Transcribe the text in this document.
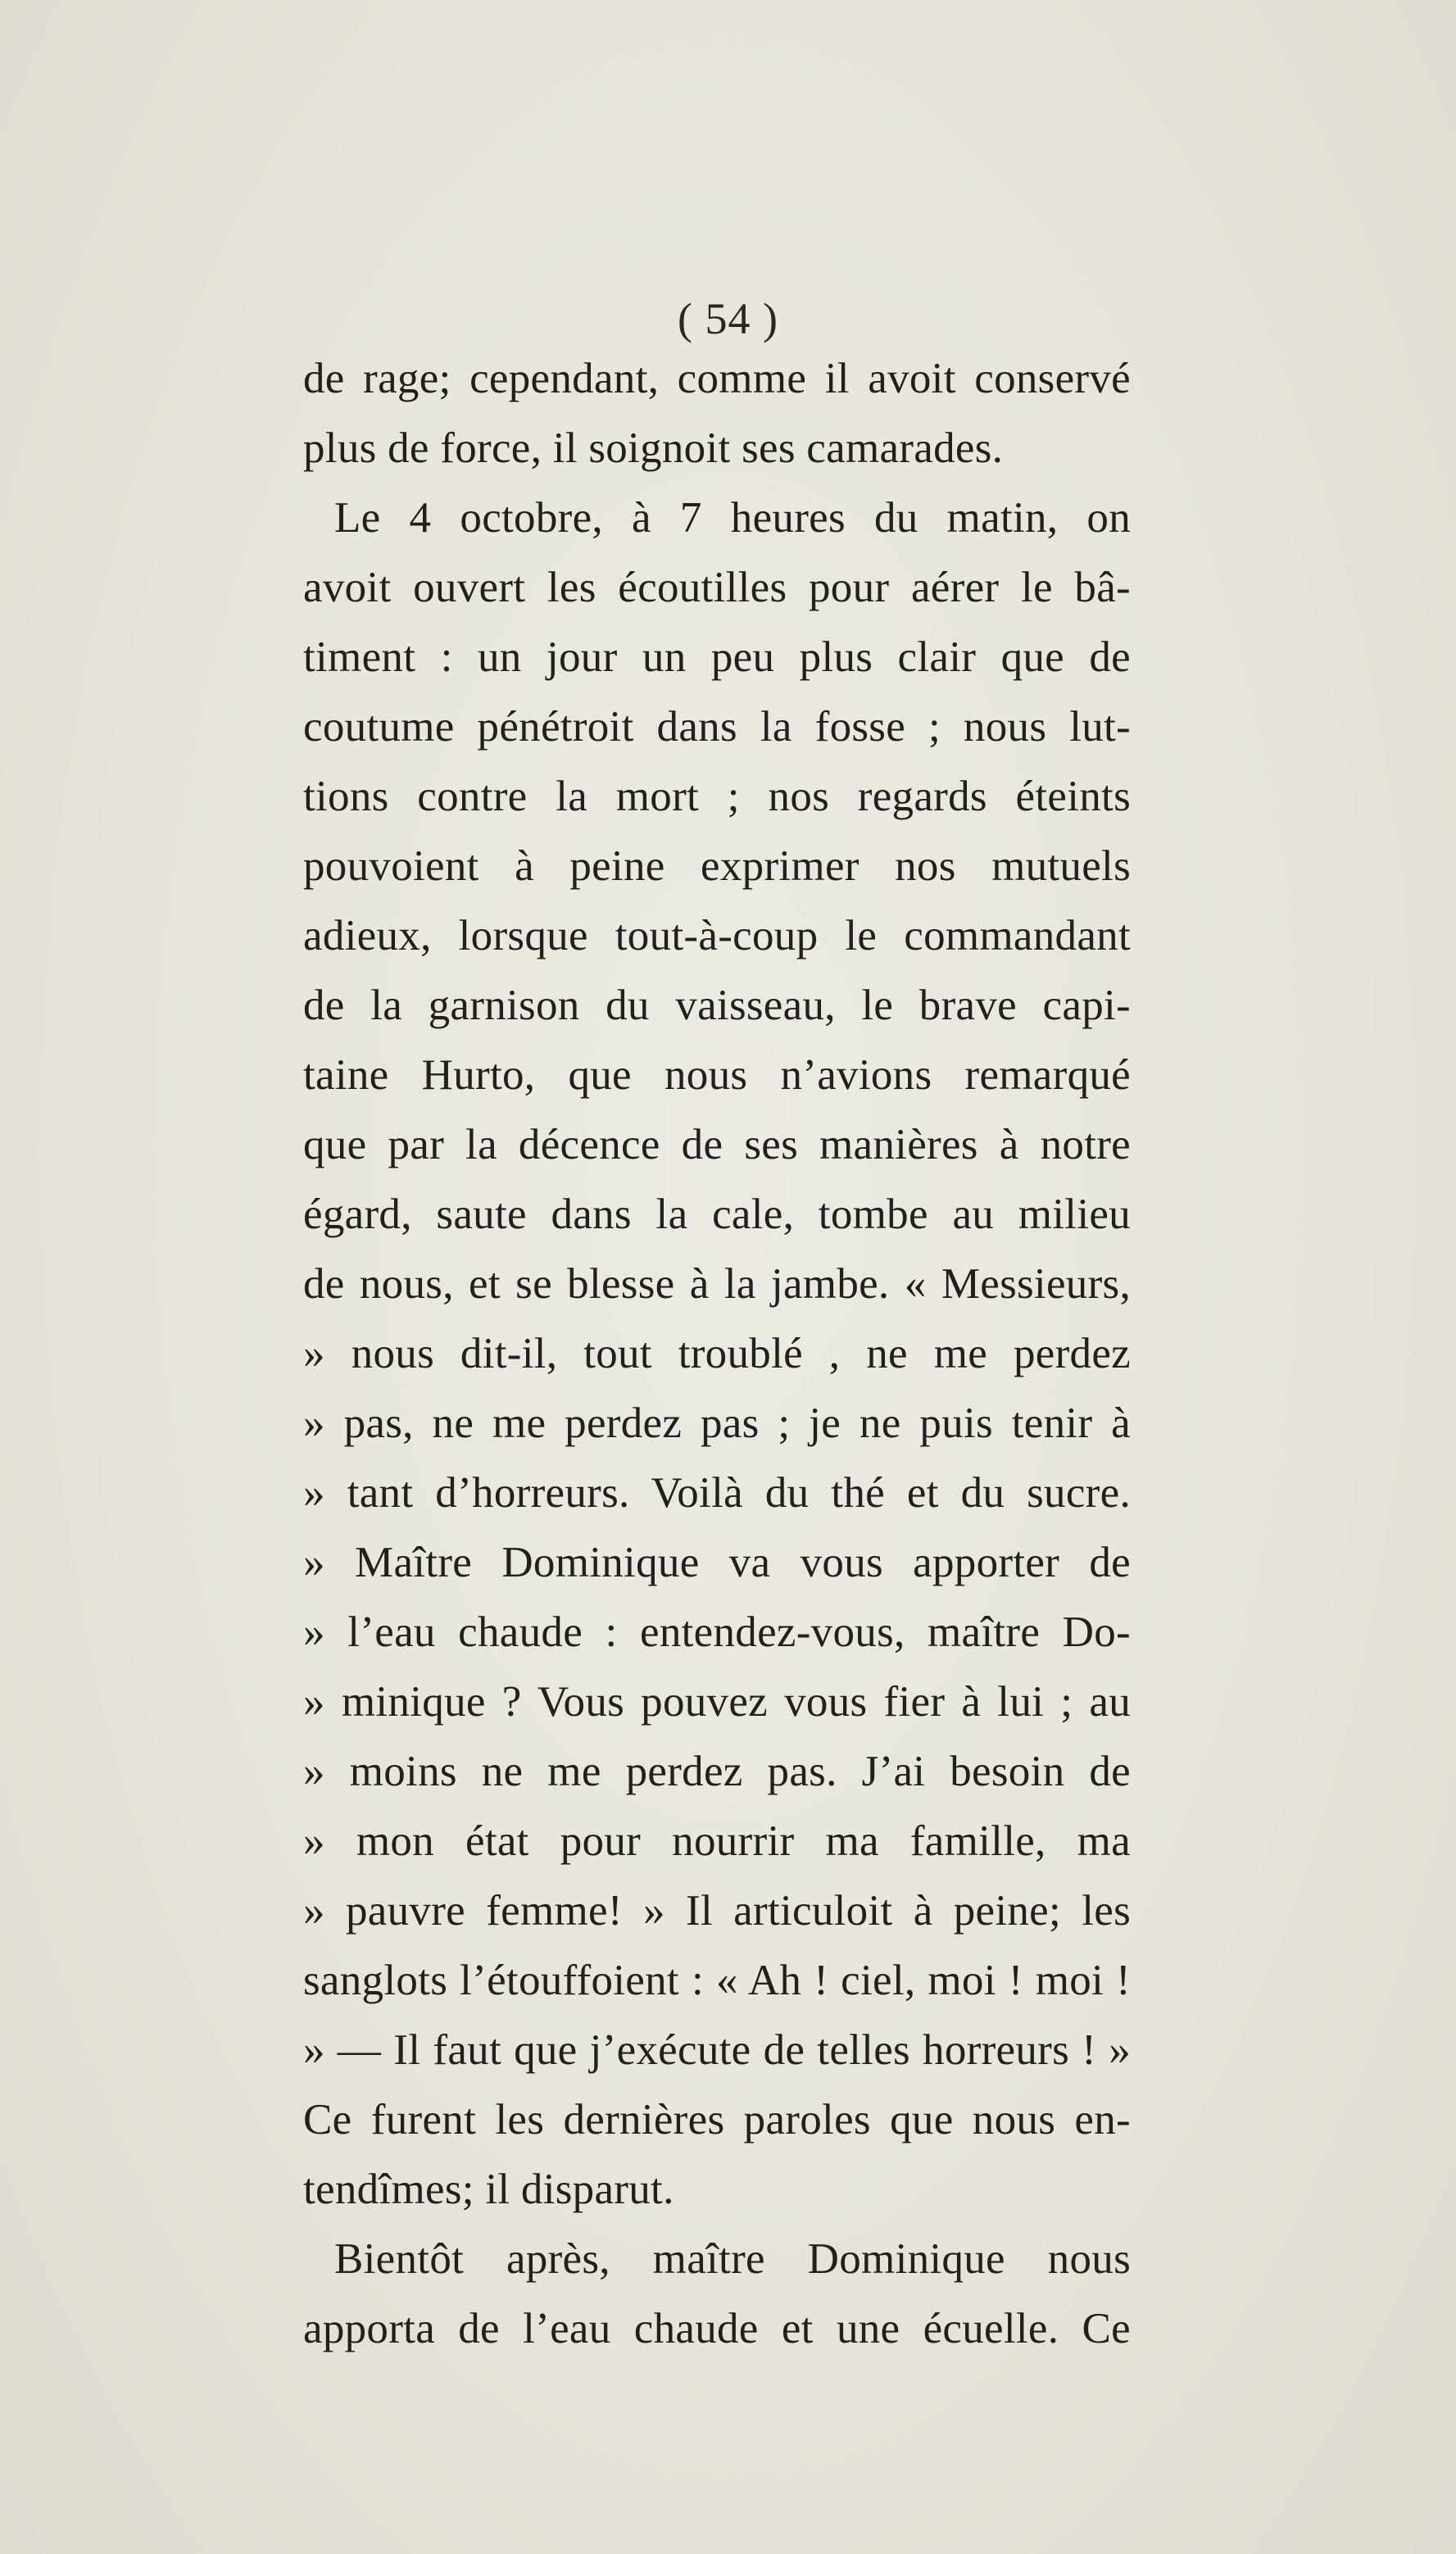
( 54 )
de rage; cependant, comme il avoit conservé
plus de force, il soignoit ses camarades.
Le 4 octobre, à 7 heures du matin, on
avoit ouvert les écoutilles pour aérer le bâ-
timent : un jour un peu plus clair que de
coutume pénétroit dans la fosse ; nous lut-
tions contre la mort ; nos regards éteints
pouvoient à peine exprimer nos mutuels
adieux, lorsque tout-à-coup le commandant
de la garnison du vaisseau, le brave capi-
taine Hurto, que nous n’avions remarqué
que par la décence de ses manières à notre
égard, saute dans la cale, tombe au milieu
de nous, et se blesse à la jambe. « Messieurs,
» nous dit-il, tout troublé , ne me perdez
» pas, ne me perdez pas ; je ne puis tenir à
» tant d’horreurs. Voilà du thé et du sucre.
» Maître Dominique va vous apporter de
» l’eau chaude : entendez-vous, maître Do-
» minique ? Vous pouvez vous fier à lui ; au
» moins ne me perdez pas. J’ai besoin de
» mon état pour nourrir ma famille, ma
» pauvre femme! » Il articuloit à peine; les
sanglots l’étouffoient : « Ah ! ciel, moi ! moi !
» — Il faut que j’exécute de telles horreurs ! »
Ce furent les dernières paroles que nous en-
tendîmes; il disparut.
Bientôt après, maître Dominique nous
apporta de l’eau chaude et une écuelle. Ce
